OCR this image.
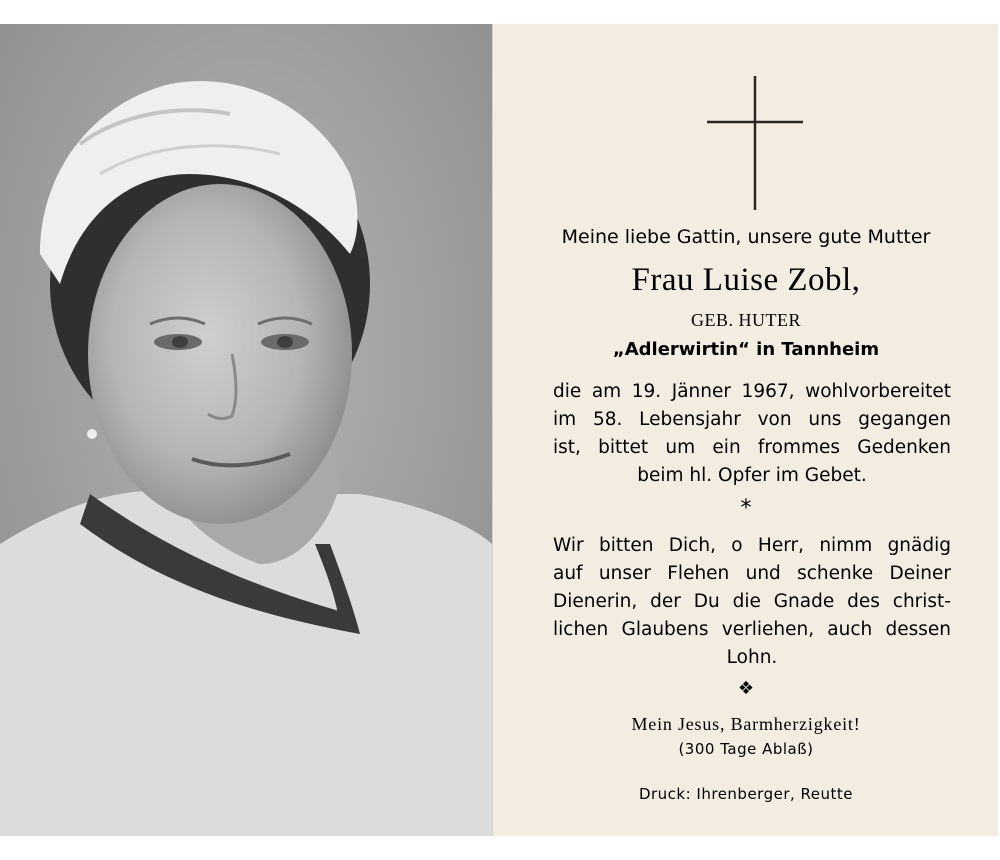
Meine liebe Gattin, unsere gute Mutter

Frau Luise Zobl,

GEB. HUTER

„Adlerwirtin“ in Tannheim

die am 19. Jänner 1967, wohlvorbereitet
im 58. Lebensjahr von uns gegangen
ist, bittet um ein frommes Gedenken
beim hl. Opfer im Gebet.

*

Wir bitten Dich, o Herr, nimm gnädig
auf unser Flehen und schenke Deiner
Dienerin, der Du die Gnade des christ-
lichen Glaubens verliehen, auch dessen
Lohn.

❖

Mein Jesus, Barmherzigkeit!

(300 Tage Ablaß)

Druck: Ihrenberger, Reutte
